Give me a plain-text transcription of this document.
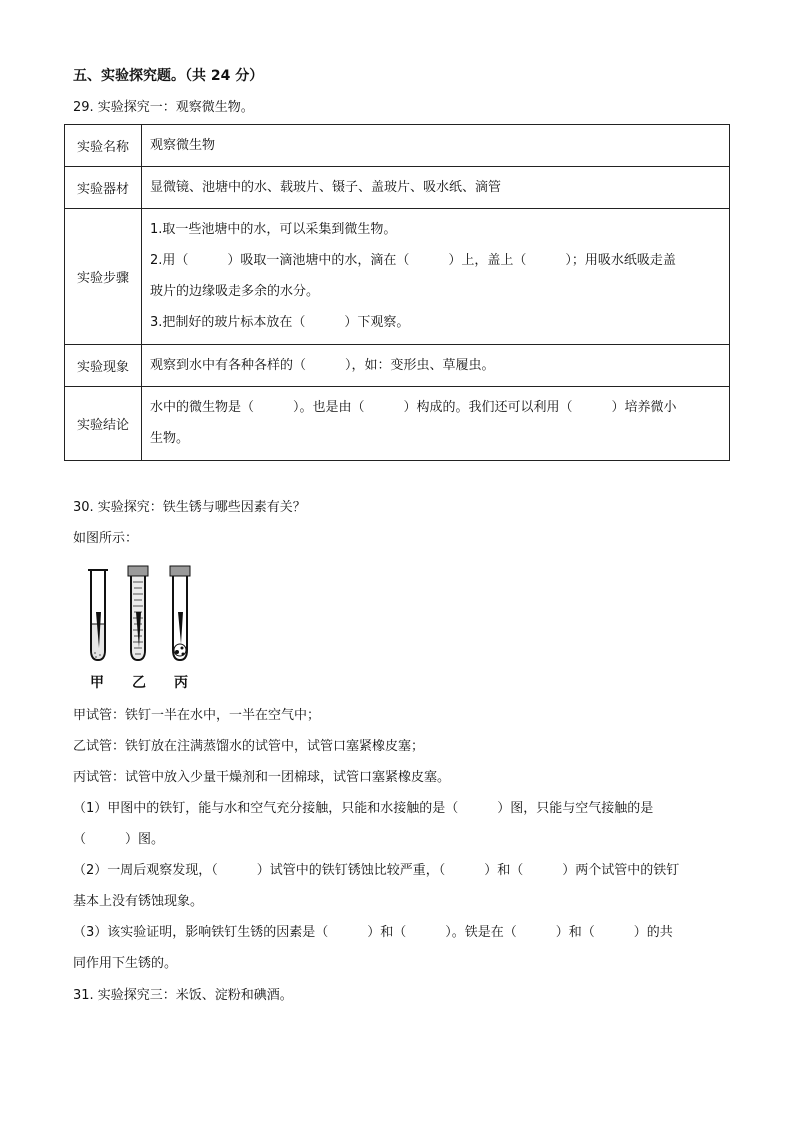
五、实验探究题。（共 24 分）
29. 实验探究一：观察微生物。
实验名称	观察微生物

实验器材	显微镜、池塘中的水、载玻片、镊子、盖玻片、吸水纸、滴管

实验步骤	1.取一些池塘中的水，可以采集到微生物。
2.用（　　　）吸取一滴池塘中的水，滴在（　　　）上，盖上（　　　）；用吸水纸吸走盖
玻片的边缘吸走多余的水分。
3.把制好的玻片标本放在（　　　）下观察。

实验现象	观察到水中有各种各样的（　　　），如：变形虫、草履虫。

实验结论	水中的微生物是（　　　）。也是由（　　　）构成的。我们还可以利用（　　　）培养微小
生物。
30. 实验探究：铁生锈与哪些因素有关？
如图所示：
甲 乙 丙
甲试管：铁钉一半在水中，一半在空气中；
乙试管：铁钉放在注满蒸馏水的试管中，试管口塞紧橡皮塞；
丙试管：试管中放入少量干燥剂和一团棉球，试管口塞紧橡皮塞。
（1）甲图中的铁钉，能与水和空气充分接触，只能和水接触的是（　　　）图，只能与空气接触的是
（　　　）图。
（2）一周后观察发现，（　　　）试管中的铁钉锈蚀比较严重，（　　　）和（　　　）两个试管中的铁钉
基本上没有锈蚀现象。
（3）该实验证明，影响铁钉生锈的因素是（　　　）和（　　　）。铁是在（　　　）和（　　　）的共
同作用下生锈的。
31. 实验探究三：米饭、淀粉和碘酒。
